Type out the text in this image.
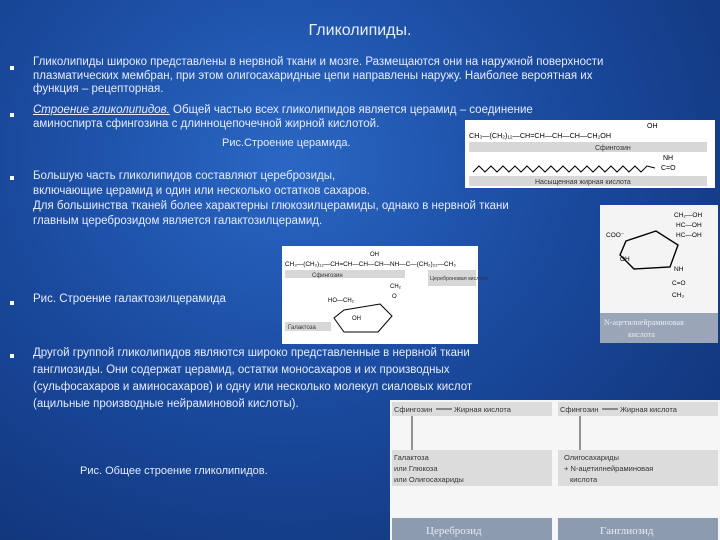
Гликолипиды.
Гликолипиды широко представлены в нервной ткани и мозге. Размещаются они на наружной поверхности
плазматических мембран, при этом олигосахаридные цепи направлены наружу. Наиболее вероятная их
функция – рецепторная.
Строение гликолипидов. Общей частью всех гликолипидов является церамид – соединение
аминоспирта сфингозина с длинноцепочечной жирной кислотой.
Рис.Строение церамида.
CH₃—(CH₂)₁₂—CH=CH—CH—CH—CH₂OH
OH
Сфингозин
NH
C=O
Насыщенная жирная кислота
Большую часть гликолипидов составляют цереброзиды,
включающие церамид и один или несколько остатков сахаров.
Для большинства тканей более характерны глюкозилцерамиды, однако в нервной ткани
главным цереброзидом является галактозилцерамид.
CH₃—(CH₂)₁₂—CH=CH—CH—CH—NH—C—(CH₂)₂₂—CH₃
Сфингозин	Цереброновая кислота
OH
CH₂
O
HO—CH₂
OH
Галактоза
CH₂—OH
HC—OH
HC—OH
COO⁻
OH
NH
C=O
CH₃
N-ацетилнейраминовая
кислота
Рис. Строение галактозилцерамида
Другой группой гликолипидов являются широко представленные в нервной ткани
ганглиозиды. Они содержат церамид, остатки моносахаров и их производных
(сульфосахаров и аминосахаров) и одну или несколько молекул сиаловых кислот
(ацильные производные нейраминовой кислоты).
Рис. Общее строение гликолипидов.
Сфингозин	Жирная кислота
Галактоза
или Глюкоза
или Олигосахариды
Цереброзид
Сфингозин	Жирная кислота
Олигосахариды
+ N-ацетилнейраминовая
кислота
Ганглиозид
